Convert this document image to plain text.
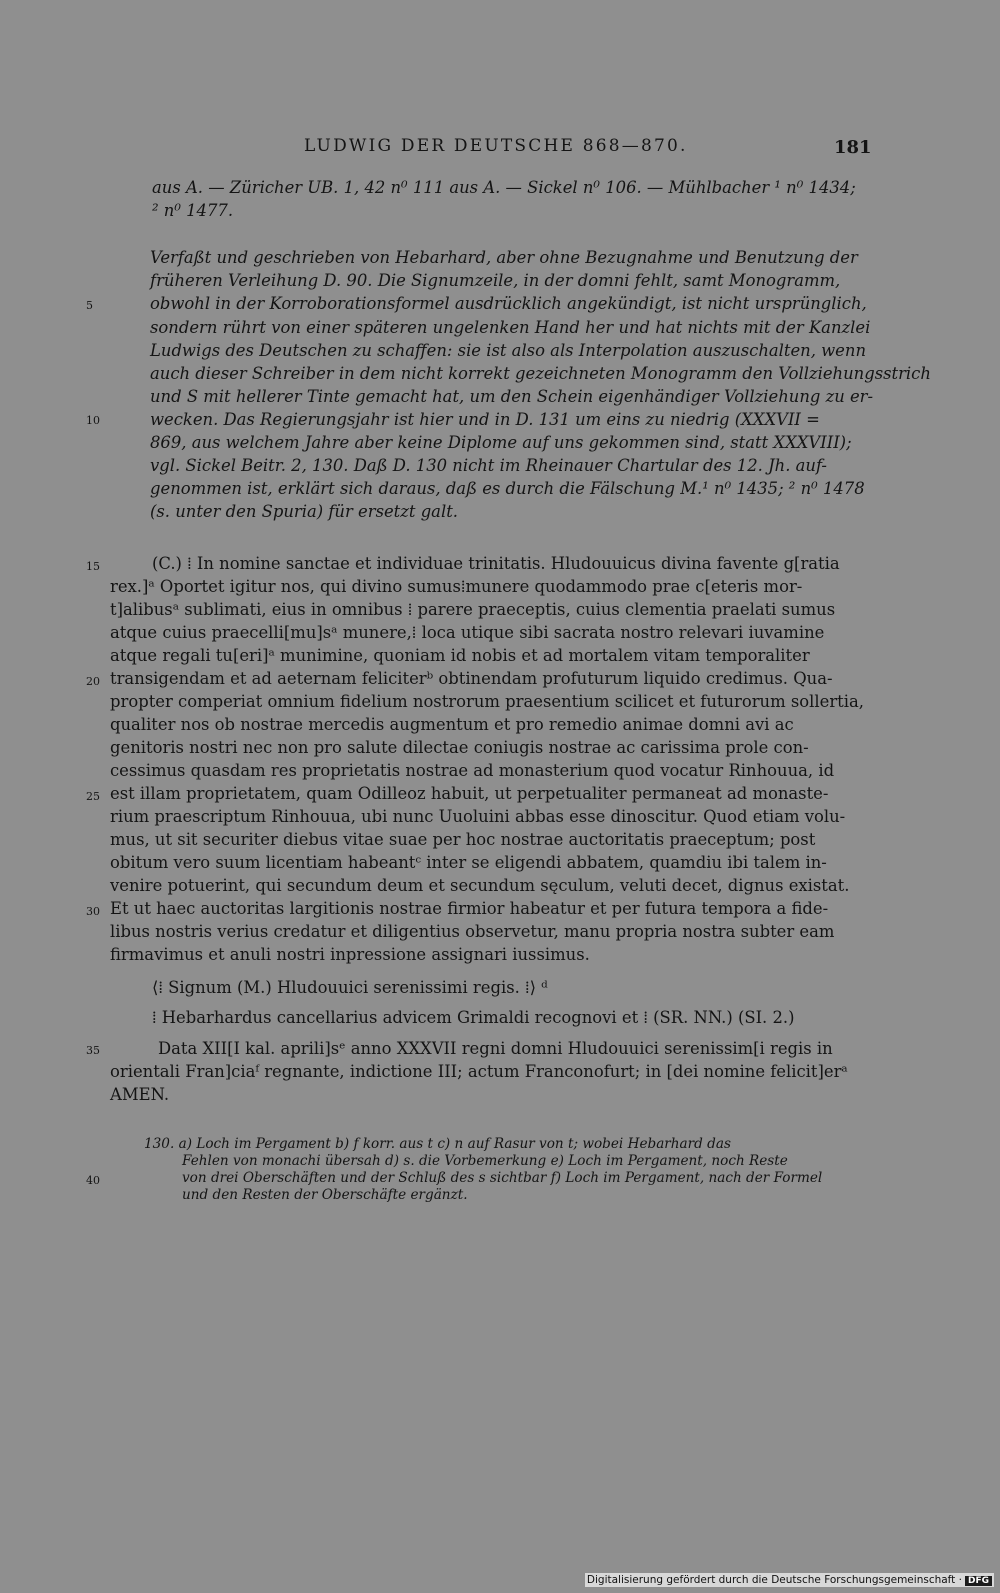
LUDWIG DER DEUTSCHE 868—870.	181
aus A. — Züricher UB. 1, 42 n⁰ 111 aus A. — Sickel n⁰ 106. — Mühlbacher ¹ n⁰ 1434;
² n⁰ 1477.
Verfaßt und geschrieben von Hebarhard, aber ohne Bezugnahme und Benutzung der
früheren Verleihung D. 90. Die Signumzeile, in der domni fehlt, samt Monogramm,
obwohl in der Korroborationsformel ausdrücklich angekündigt, ist nicht ursprünglich,
sondern rührt von einer späteren ungelenken Hand her und hat nichts mit der Kanzlei
Ludwigs des Deutschen zu schaffen: sie ist also als Interpolation auszuschalten, wenn
auch dieser Schreiber in dem nicht korrekt gezeichneten Monogramm den Vollziehungsstrich
und S mit hellerer Tinte gemacht hat, um den Schein eigenhändiger Vollziehung zu er-
wecken. Das Regierungsjahr ist hier und in D. 131 um eins zu niedrig (XXXVII =
869, aus welchem Jahre aber keine Diplome auf uns gekommen sind, statt XXXVIII);
vgl. Sickel Beitr. 2, 130. Daß D. 130 nicht im Rheinauer Chartular des 12. Jh. auf-
genommen ist, erklärt sich daraus, daß es durch die Fälschung M.¹ n⁰ 1435; ² n⁰ 1478
(s. unter den Spuria) für ersetzt galt.
(C.) ⁞ In nomine sanctae et individuae trinitatis. Hludouuicus divina favente g[ratia
rex.]ᵃ Oportet igitur nos, qui divino sumus⁞munere quodammodo prae c[eteris mor-
t]alibusᵃ sublimati, eius in omnibus ⁞ parere praeceptis, cuius clementia praelati sumus
atque cuius praecelli[mu]sᵃ munere,⁞ loca utique sibi sacrata nostro relevari iuvamine
atque regali tu[eri]ᵃ munimine, quoniam id nobis et ad mortalem vitam temporaliter
transigendam et ad aeternam feliciterᵇ obtinendam profuturum liquido credimus. Qua-
propter comperiat omnium fidelium nostrorum praesentium scilicet et futurorum sollertia,
qualiter nos ob nostrae mercedis augmentum et pro remedio animae domni avi ac
genitoris nostri nec non pro salute dilectae coniugis nostrae ac carissima prole con-
cessimus quasdam res proprietatis nostrae ad monasterium quod vocatur Rinhouua, id
est illam proprietatem, quam Odilleoz habuit, ut perpetualiter permaneat ad monaste-
rium praescriptum Rinhouua, ubi nunc Uuoluini abbas esse dinoscitur. Quod etiam volu-
mus, ut sit securiter diebus vitae suae per hoc nostrae auctoritatis praeceptum; post
obitum vero suum licentiam habeantᶜ inter se eligendi abbatem, quamdiu ibi talem in-
venire potuerint, qui secundum deum et secundum sęculum, veluti decet, dignus existat.
Et ut haec auctoritas largitionis nostrae firmior habeatur et per futura tempora a fide-
libus nostris verius credatur et diligentius observetur, manu propria nostra subter eam
firmavimus et anuli nostri inpressione assignari iussimus.
⟨⁞ Signum (M.) Hludouuici serenissimi regis. ⁞⟩ ᵈ
⁞ Hebarhardus cancellarius advicem Grimaldi recognovi et ⁞ (SR. NN.) (SI. 2.)
Data XII[I kal. aprili]sᵉ anno XXXVII regni domni Hludouuici serenissim[i regis in
orientali Fran]ciaᶠ regnante, indictione III; actum Franconofurt; in [dei nomine felicit]erᵃ
AMEN.
130. a) Loch im Pergament b) f korr. aus t c) n auf Rasur von t; wobei Hebarhard das
Fehlen von monachi übersah d) s. die Vorbemerkung e) Loch im Pergament, noch Reste
von drei Oberschäften und der Schluß des s sichtbar f) Loch im Pergament, nach der Formel
und den Resten der Oberschäfte ergänzt.
5
10
15
20
25
30
35
40
Digitalisierung gefördert durch die Deutsche Forschungsgemeinschaft · DFG
